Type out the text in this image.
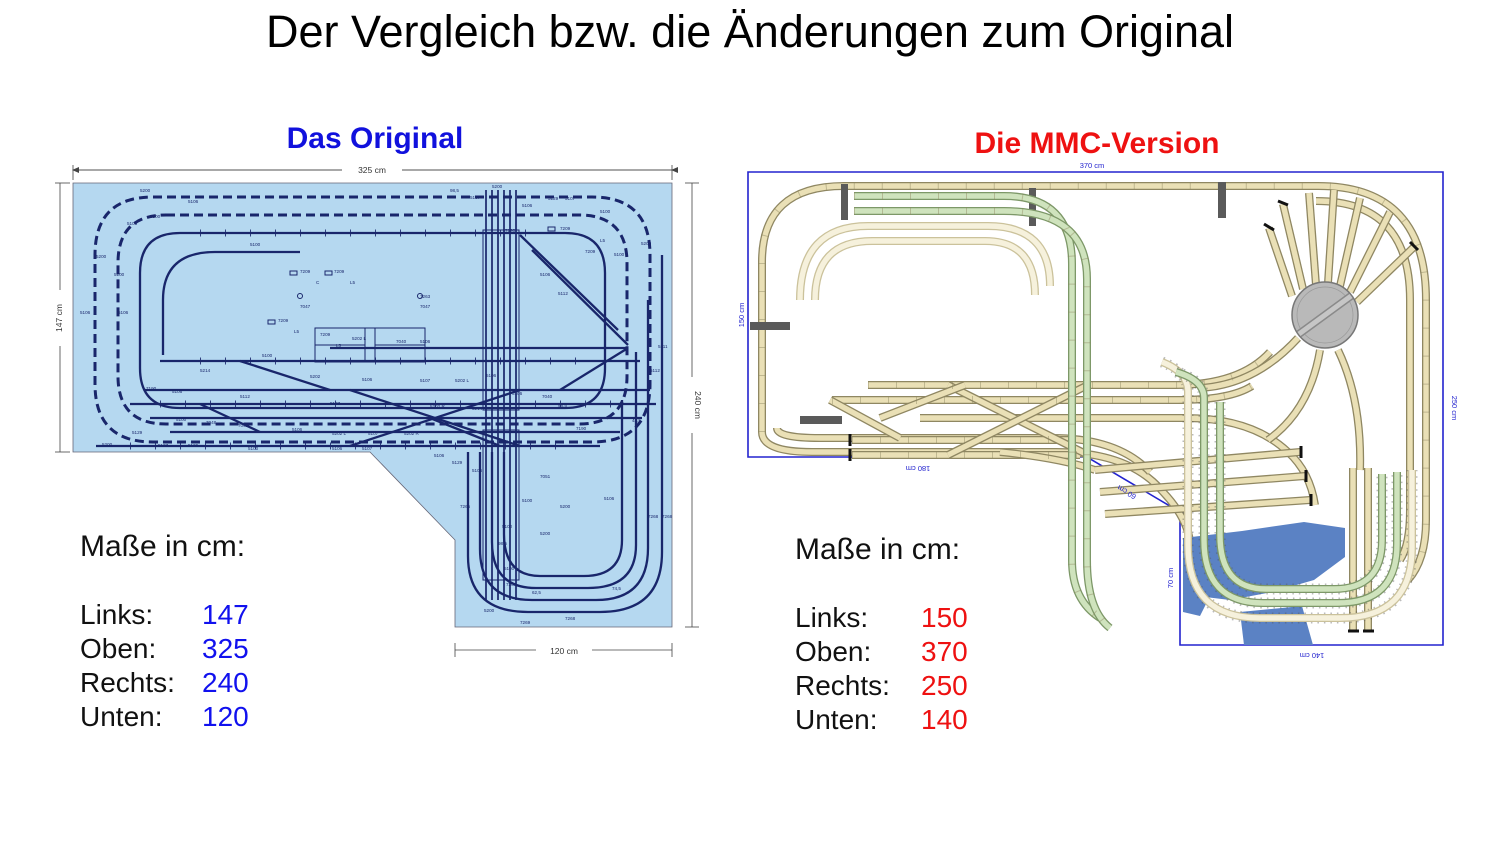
Der Vergleich bzw. die Änderungen zum Original
Das Original	Die MMC-Version
5200
5106
5100
5106
5200
5100
5106	5106
5100
98,5
5107
5200
5106
5129 5107
5100
5200
5100
7190	7209
L5
7209
7209
C
7209
L5
5106
5112
7263
7047	7047
7209
L5
7209
L5
5202 L
7040	5106
5100
5214
5202
5106	5107	5202 L
5106
7190
5106
5112
5107
5202 R	5214
5106
7040
98,5
5100
7048
7042
5106
5202 L	5107	5202 R
5129
5107	5106
5100	5106	5107
5200
5106
5129
5106
7265
5100
5200
5106
7268
5100
5200
98,5
5100
7267
62,5
74,5
7268
5200
7269
5111
5112
44,5
7268
7051
7190
325 cm
147 cm
240 cm
120 cm
370 cm
150 cm
250 cm
140 cm
180 cm
60 cm
70 cm
Maße in cm:
Links:	147
Oben:	325
Rechts: 240
Unten:	120
Maße in cm:
Links:	150
Oben:	370
Rechts:	250
Unten:	140
